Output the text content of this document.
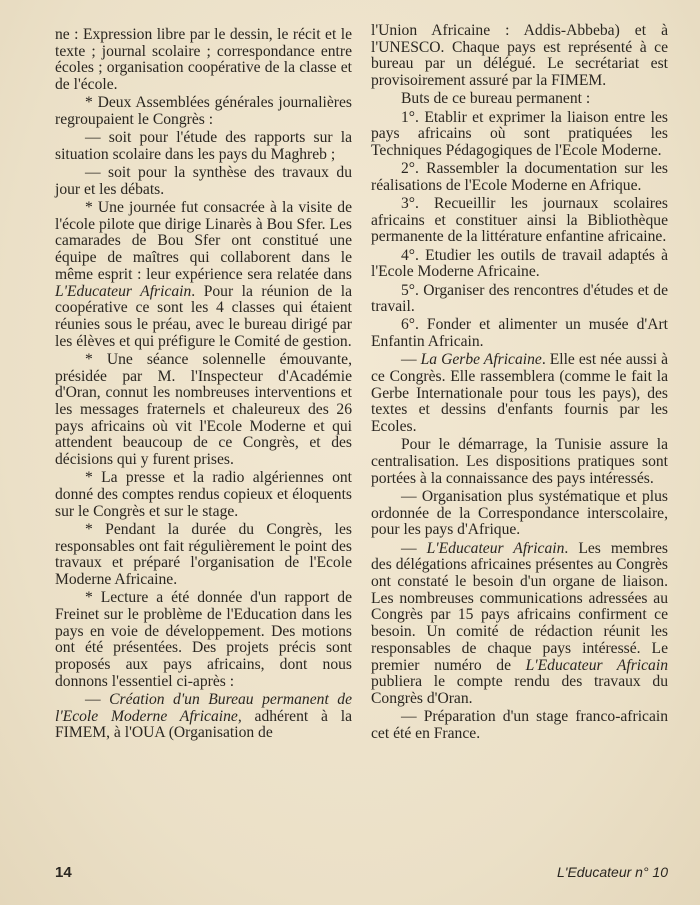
ne : Expression libre par le dessin, le récit et le texte ; journal scolaire ; correspondance entre écoles ; organisation coopérative de la classe et de l'école.

* Deux Assemblées générales journalières regroupaient le Congrès :

— soit pour l'étude des rapports sur la situation scolaire dans les pays du Maghreb ;

— soit pour la synthèse des travaux du jour et les débats.

* Une journée fut consacrée à la visite de l'école pilote que dirige Linarès à Bou Sfer. Les camarades de Bou Sfer ont constitué une équipe de maîtres qui collaborent dans le même esprit : leur expérience sera relatée dans L'Educateur Africain. Pour la réunion de la coopérative ce sont les 4 classes qui étaient réunies sous le préau, avec le bureau dirigé par les élèves et qui préfigure le Comité de gestion.

* Une séance solennelle émouvante, présidée par M. l'Inspecteur d'Académie d'Oran, connut les nombreuses interventions et les messages fraternels et chaleureux des 26 pays africains où vit l'Ecole Moderne et qui attendent beaucoup de ce Congrès, et des décisions qui y furent prises.

* La presse et la radio algériennes ont donné des comptes rendus copieux et éloquents sur le Congrès et sur le stage.

* Pendant la durée du Congrès, les responsables ont fait régulièrement le point des travaux et préparé l'organisation de l'Ecole Moderne Africaine.

* Lecture a été donnée d'un rapport de Freinet sur le problème de l'Education dans les pays en voie de développement. Des motions ont été présentées. Des projets précis sont proposés aux pays africains, dont nous donnons l'essentiel ci-après :

— Création d'un Bureau permanent de l'Ecole Moderne Africaine, adhérent à la FIMEM, à l'OUA (Organisation de

l'Union Africaine : Addis-Abbeba) et à l'UNESCO. Chaque pays est représenté à ce bureau par un délégué. Le secrétariat est provisoirement assuré par la FIMEM.

Buts de ce bureau permanent :

1°. Etablir et exprimer la liaison entre les pays africains où sont pratiquées les Techniques Pédagogiques de l'Ecole Moderne.

2°. Rassembler la documentation sur les réalisations de l'Ecole Moderne en Afrique.

3°. Recueillir les journaux scolaires africains et constituer ainsi la Bibliothèque permanente de la littérature enfantine africaine.

4°. Etudier les outils de travail adaptés à l'Ecole Moderne Africaine.

5°. Organiser des rencontres d'études et de travail.

6°. Fonder et alimenter un musée d'Art Enfantin Africain.

— La Gerbe Africaine. Elle est née aussi à ce Congrès. Elle rassemblera (comme le fait la Gerbe Internationale pour tous les pays), des textes et dessins d'enfants fournis par les Ecoles.

Pour le démarrage, la Tunisie assure la centralisation. Les dispositions pratiques sont portées à la connaissance des pays intéressés.

— Organisation plus systématique et plus ordonnée de la Correspondance interscolaire, pour les pays d'Afrique.

— L'Educateur Africain. Les membres des délégations africaines présentes au Congrès ont constaté le besoin d'un organe de liaison. Les nombreuses communications adressées au Congrès par 15 pays africains confirment ce besoin. Un comité de rédaction réunit les responsables de chaque pays intéressé. Le premier numéro de L'Educateur Africain publiera le compte rendu des travaux du Congrès d'Oran.

— Préparation d'un stage franco-africain cet été en France.

14	L'Educateur n° 10
